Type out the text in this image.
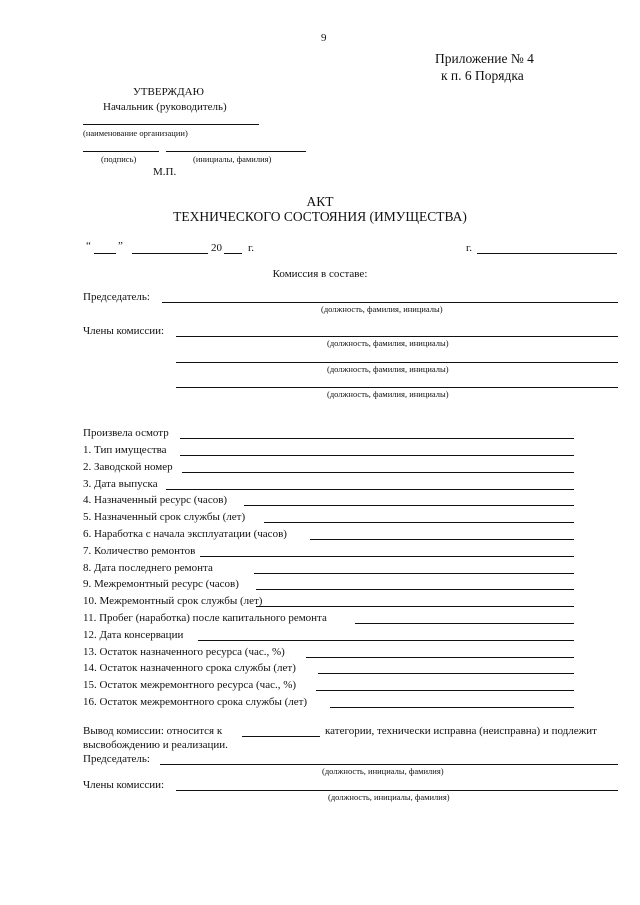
9
Приложение № 4
к п. 6 Порядка
УТВЕРЖДАЮ
Начальник (руководитель)
(наименование организации)
(подпись)	(инициалы, фамилия)
М.П.
АКТ
ТЕХНИЧЕСКОГО СОСТОЯНИЯ (ИМУЩЕСТВА)
“ ”	20 г.	г.
Комиссия в составе:
Председатель:
(должность, фамилия, инициалы)
Члены комиссии:
(должность, фамилия, инициалы)
(должность, фамилия, инициалы)
(должность, фамилия, инициалы)
Произвела осмотр
1. Тип имущества
2. Заводской номер
3. Дата выпуска
4. Назначенный ресурс (часов)
5. Назначенный срок службы (лет)
6. Наработка с начала эксплуатации (часов)
7. Количество ремонтов
8. Дата последнего ремонта
9. Межремонтный ресурс (часов)
10. Межремонтный срок службы (лет)
11. Пробег (наработка) после капитального ремонта
12. Дата консервации
13. Остаток назначенного ресурса (час., %)
14. Остаток назначенного срока службы (лет)
15. Остаток межремонтного ресурса (час., %)
16. Остаток межремонтного срока службы (лет)
Вывод комиссии: относится к	категории, технически исправна (неисправна) и подлежит
высвобождению и реализации.
Председатель:
(должность, инициалы, фамилия)
Члены комиссии:
(должность, инициалы, фамилия)
